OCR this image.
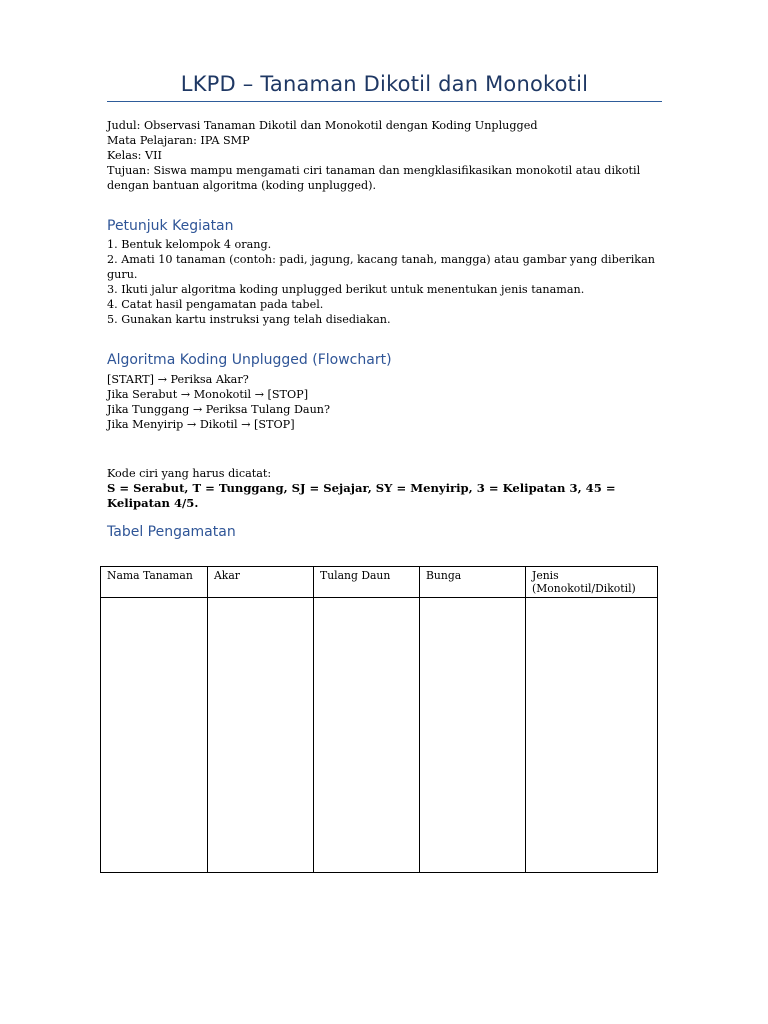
LKPD – Tanaman Dikotil dan Monokotil
Judul: Observasi Tanaman Dikotil dan Monokotil dengan Koding Unplugged
Mata Pelajaran: IPA SMP
Kelas: VII
Tujuan: Siswa mampu mengamati ciri tanaman dan mengklasifikasikan monokotil atau dikotil dengan bantuan algoritma (koding unplugged).
Petunjuk Kegiatan
1. Bentuk kelompok 4 orang.
2. Amati 10 tanaman (contoh: padi, jagung, kacang tanah, mangga) atau gambar yang diberikan guru.
3. Ikuti jalur algoritma koding unplugged berikut untuk menentukan jenis tanaman.
4. Catat hasil pengamatan pada tabel.
5. Gunakan kartu instruksi yang telah disediakan.
Algoritma Koding Unplugged (Flowchart)
[START] → Periksa Akar?
Jika Serabut → Monokotil → [STOP]
Jika Tunggang → Periksa Tulang Daun?
Jika Menyirip → Dikotil → [STOP]
Kode ciri yang harus dicatat:
S = Serabut, T = Tunggang, SJ = Sejajar, SY = Menyirip, 3 = Kelipatan 3, 45 = Kelipatan 4/5.
Tabel Pengamatan
Nama Tanaman	Akar	Tulang Daun	Bunga	Jenis (Monokotil/Dikotil)
